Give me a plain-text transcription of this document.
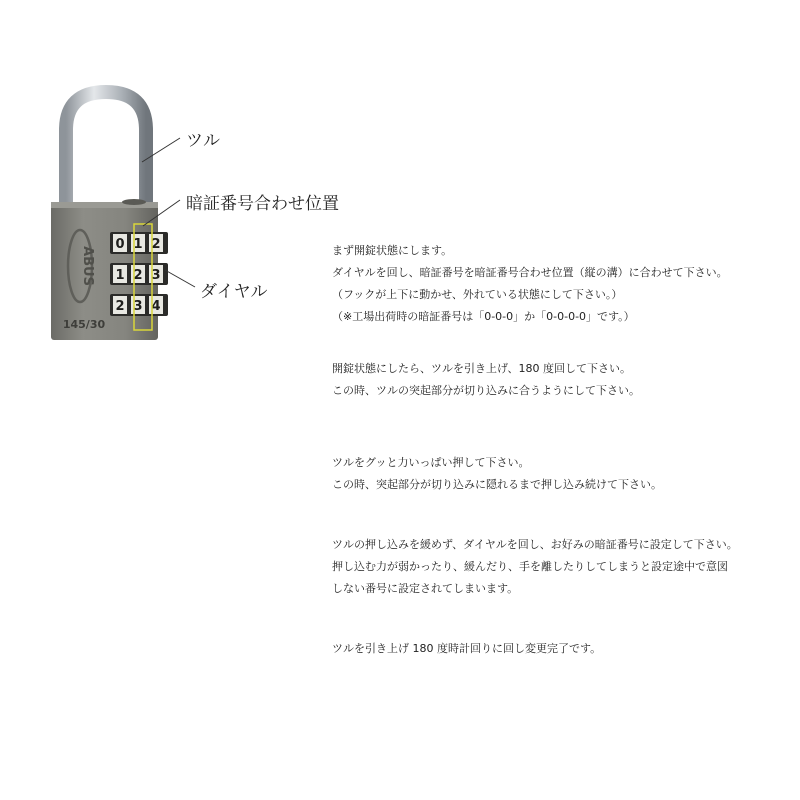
ABUS
0 1 2
1 2 3
2 3 4
145/30
ツル
暗証番号合わせ位置
ダイヤル

まず開錠状態にします。

ダイヤルを回し、暗証番号を暗証番号合わせ位置（縦の溝）に合わせて下さい。

（フックが上下に動かせ、外れている状態にして下さい。）

（※工場出荷時の暗証番号は「0-0-0」か「0-0-0-0」です。）

開錠状態にしたら、ツルを引き上げ、180 度回して下さい。

この時、ツルの突起部分が切り込みに合うようにして下さい。

ツルをグッと力いっぱい押して下さい。

この時、突起部分が切り込みに隠れるまで押し込み続けて下さい。

ツルの押し込みを緩めず、ダイヤルを回し、お好みの暗証番号に設定して下さい。

押し込む力が弱かったり、緩んだり、手を離したりしてしまうと設定途中で意図

しない番号に設定されてしまいます。

ツルを引き上げ 180 度時計回りに回し変更完了です。
